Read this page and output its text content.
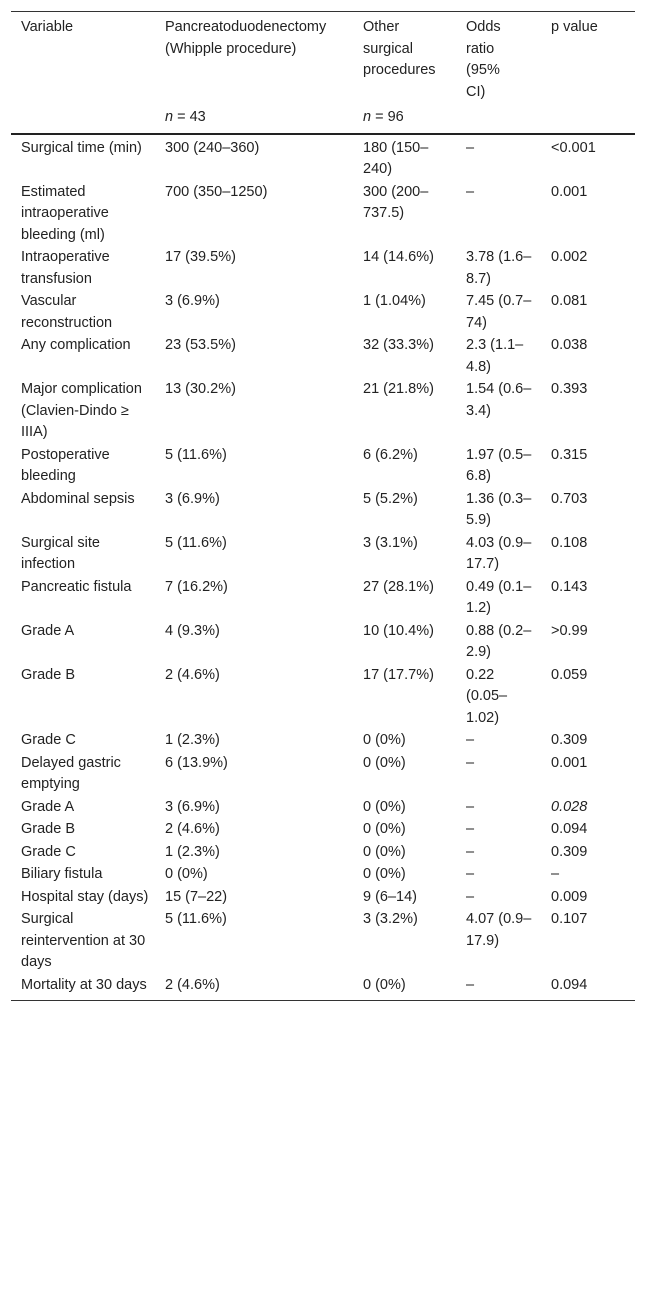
Variable	Pancreatoduodenectomy (Whipple procedure)	Other surgical procedures	Odds ratio (95% CI)	p value
	n = 43	n = 96		
Surgical time (min)	300 (240–360)	180 (150–240)	–	<0.001
Estimated intraoperative bleeding (ml)	700 (350–1250)	300 (200–737.5)	–	0.001
Intraoperative transfusion	17 (39.5%)	14 (14.6%)	3.78 (1.6–8.7)	0.002
Vascular reconstruction	3 (6.9%)	1 (1.04%)	7.45 (0.7–74)	0.081
Any complication	23 (53.5%)	32 (33.3%)	2.3 (1.1–4.8)	0.038
Major complication (Clavien-Dindo ≥ IIIA)	13 (30.2%)	21 (21.8%)	1.54 (0.6–3.4)	0.393
Postoperative bleeding	5 (11.6%)	6 (6.2%)	1.97 (0.5–6.8)	0.315
Abdominal sepsis	3 (6.9%)	5 (5.2%)	1.36 (0.3–5.9)	0.703
Surgical site infection	5 (11.6%)	3 (3.1%)	4.03 (0.9–17.7)	0.108
Pancreatic fistula	7 (16.2%)	27 (28.1%)	0.49 (0.1–1.2)	0.143
Grade A	4 (9.3%)	10 (10.4%)	0.88 (0.2–2.9)	>0.99
Grade B	2 (4.6%)	17 (17.7%)	0.22 (0.05–1.02)	0.059
Grade C	1 (2.3%)	0 (0%)	–	0.309
Delayed gastric emptying	6 (13.9%)	0 (0%)	–	0.001
Grade A	3 (6.9%)	0 (0%)	–	0.028
Grade B	2 (4.6%)	0 (0%)	–	0.094
Grade C	1 (2.3%)	0 (0%)	–	0.309
Biliary fistula	0 (0%)	0 (0%)	–	–
Hospital stay (days)	15 (7–22)	9 (6–14)	–	0.009
Surgical reintervention at 30 days	5 (11.6%)	3 (3.2%)	4.07 (0.9–17.9)	0.107
Mortality at 30 days	2 (4.6%)	0 (0%)	–	0.094
